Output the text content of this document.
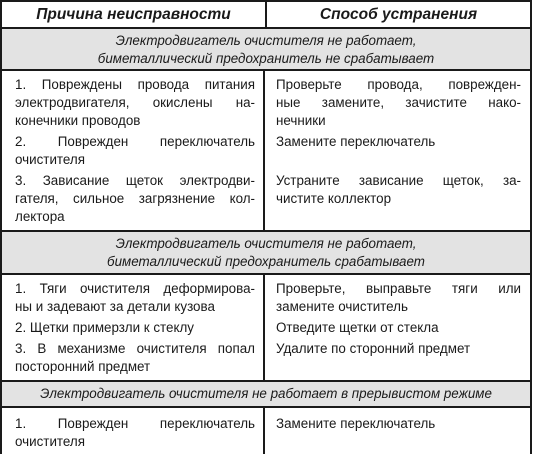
Причина неисправности	Способ устранения
Электродвигатель очистителя не работает,
биметаллический предохранитель не срабатывает
1. Повреждены провода питания
электродвигателя, окислены на-
конечники проводов
Проверьте провода, поврежден-
ные замените, зачистите нако-
нечники
2. Поврежден переключатель
очистителя
Замените переключатель
3. Зависание щеток электродви-
гателя, сильное загрязнение кол-
лектора
Устраните зависание щеток, за-
чистите коллектор
Электродвигатель очистителя не работает,
биметаллический предохранитель срабатывает
1. Тяги очистителя деформирова-
ны и задевают за детали кузова
Проверьте, выправьте тяги или
замените очиститель
2. Щетки примерзли к стеклу	Отведите щетки от стекла
3. В механизме очистителя попал
посторонний предмет
Удалите по сторонний предмет
Электродвигатель очистителя не работает в прерывистом режиме
1. Поврежден переключатель
очистителя
Замените переключатель
